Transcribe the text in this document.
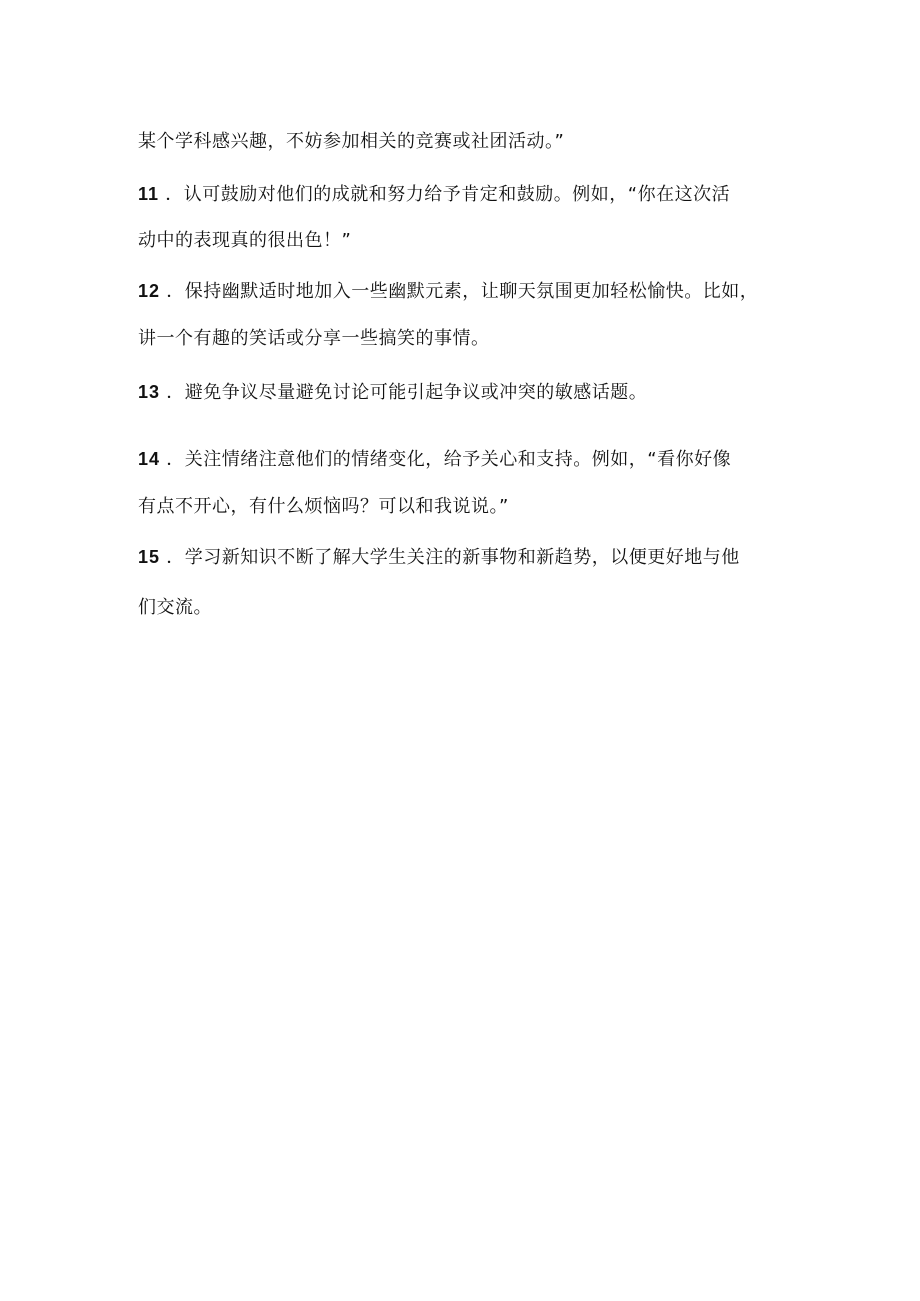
某个学科感兴趣，不妨参加相关的竞赛或社团活动。”
11 ．认可鼓励对他们的成就和努力给予肯定和鼓励。例如，“你在这次活
动中的表现真的很出色！”
12 ．保持幽默适时地加入一些幽默元素，让聊天氛围更加轻松愉快。比如，
讲一个有趣的笑话或分享一些搞笑的事情。
13 ．避免争议尽量避免讨论可能引起争议或冲突的敏感话题。
14 ．关注情绪注意他们的情绪变化，给予关心和支持。例如，“看你好像
有点不开心，有什么烦恼吗？可以和我说说。”
15 ．学习新知识不断了解大学生关注的新事物和新趋势，以便更好地与他
们交流。
